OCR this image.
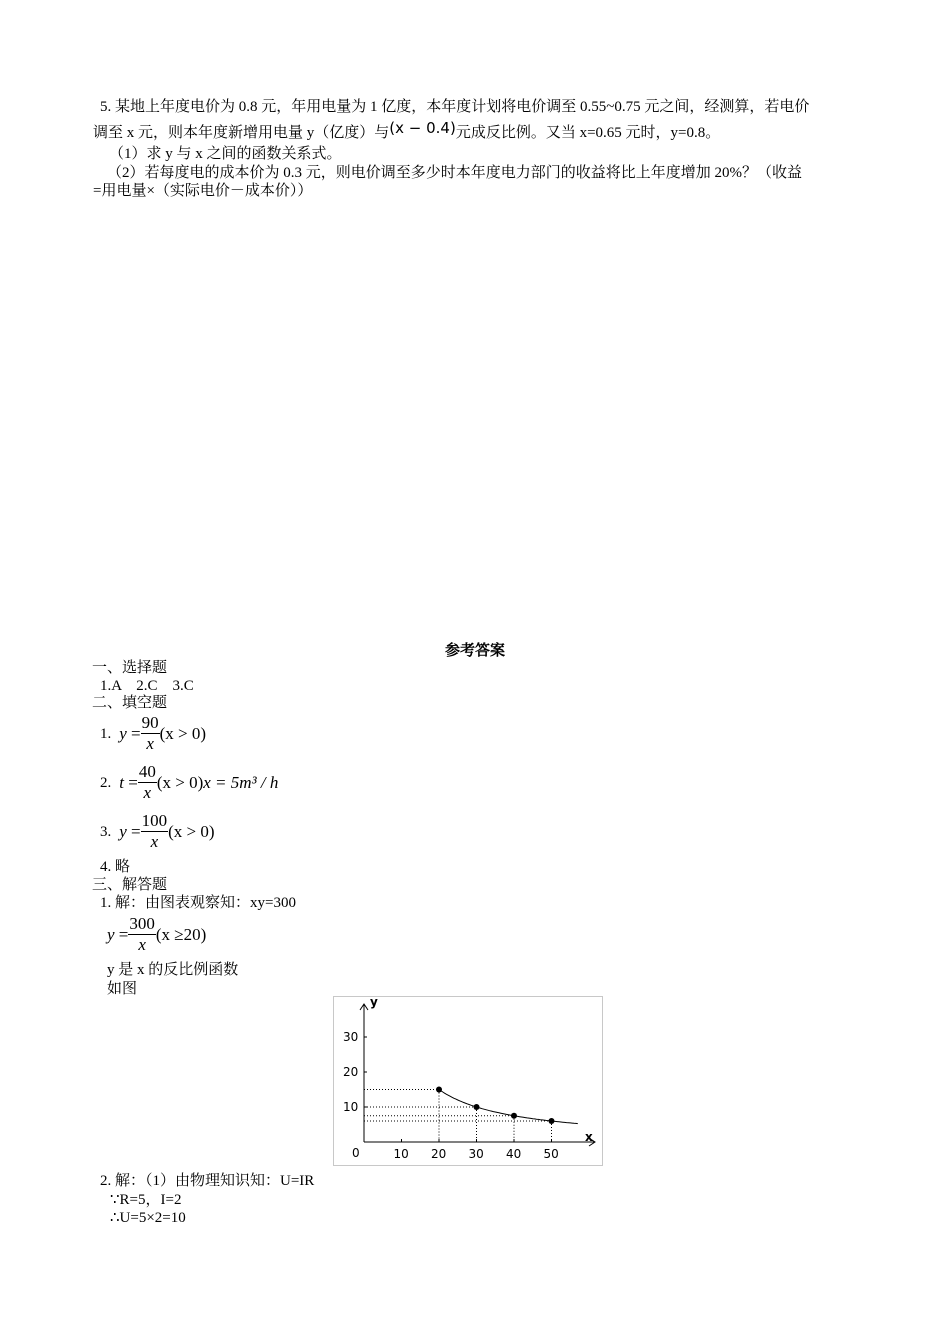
5. 某地上年度电价为 0.8 元，年用电量为 1 亿度，本年度计划将电价调至 0.55~0.75 元之间，经测算，若电价
调至 x 元，则本年度新增用电量 y（亿度）与(x − 0.4)元成反比例。又当 x=0.65 元时，y=0.8。
（1）求 y 与 x 之间的函数关系式。
（2）若每度电的成本价为 0.3 元，则电价调至多少时本年度电力部门的收益将比上年度增加 20%？（收益
=用电量×（实际电价－成本价））
参考答案
一、选择题
1.A    2.C    3.C
二、填空题
1. $y = \frac{90}{x} (x > 0)$
2. $t = \frac{40}{x} (x > 0) x = 5m^3 / h$
3. $y = \frac{100}{x} (x > 0)$
4. 略
三、解答题
1. 解：由图表观察知：xy=300
$y = \frac{300}{x} (x \ge 20)$
y 是 x 的反比例函数
如图
x
y
0	10 20 30 40 50
10
20
30
2. 解：（1）由物理知识知：U=IR
∵R=5，I=2
∴U=5×2=10
